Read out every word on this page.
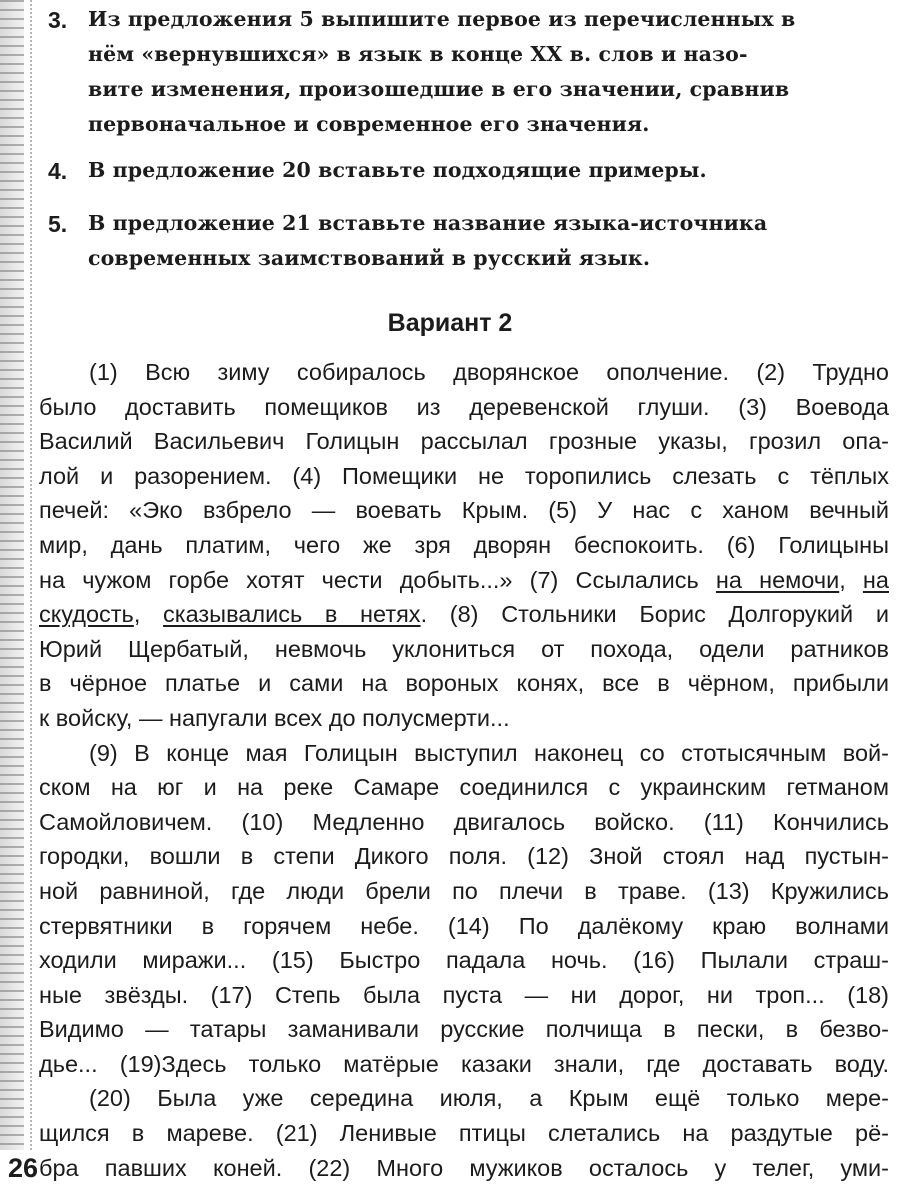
3.	Из предложения 5 выпишите первое из перечисленных в
нём «вернувшихся» в язык в конце XX в. слов и назо-
вите изменения, произошедшие в его значении, сравнив
первоначальное и современное его значения.
4.	В предложение 20 вставьте подходящие примеры.
5.	В предложение 21 вставьте название языка-источника
современных заимствований в русский язык.
Вариант 2
(1) Всю зиму собиралось дворянское ополчение. (2) Трудно
было доставить помещиков из деревенской глуши. (3) Воевода
Василий Васильевич Голицын рассылал грозные указы, грозил опа-
лой и разорением. (4) Помещики не торопились слезать с тёплых
печей: «Эко взбрело — воевать Крым. (5) У нас с ханом вечный
мир, дань платим, чего же зря дворян беспокоить. (6) Голицыны
на чужом горбе хотят чести добыть...» (7) Ссылались на немочи, на
скудость, сказывались в нетях. (8) Стольники Борис Долгорукий и
Юрий Щербатый, невмочь уклониться от похода, одели ратников
в чёрное платье и сами на вороных конях, все в чёрном, прибыли
к войску, — напугали всех до полусмерти...
(9) В конце мая Голицын выступил наконец со стотысячным вой-
ском на юг и на реке Самаре соединился с украинским гетманом
Самойловичем. (10) Медленно двигалось войско. (11) Кончились
городки, вошли в степи Дикого поля. (12) Зной стоял над пустын-
ной равниной, где люди брели по плечи в траве. (13) Кружились
стервятники в горячем небе. (14) По далёкому краю волнами
ходили миражи... (15) Быстро падала ночь. (16) Пылали страш-
ные звёзды. (17) Степь была пуста — ни дорог, ни троп... (18)
Видимо — татары заманивали русские полчища в пески, в безво-
дье... (19)Здесь только матёрые казаки знали, где доставать воду.
(20) Была уже середина июля, а Крым ещё только мере-
щился в мареве. (21) Ленивые птицы слетались на раздутые рё-
бра павших коней. (22) Много мужиков осталось у телег, уми-
26
